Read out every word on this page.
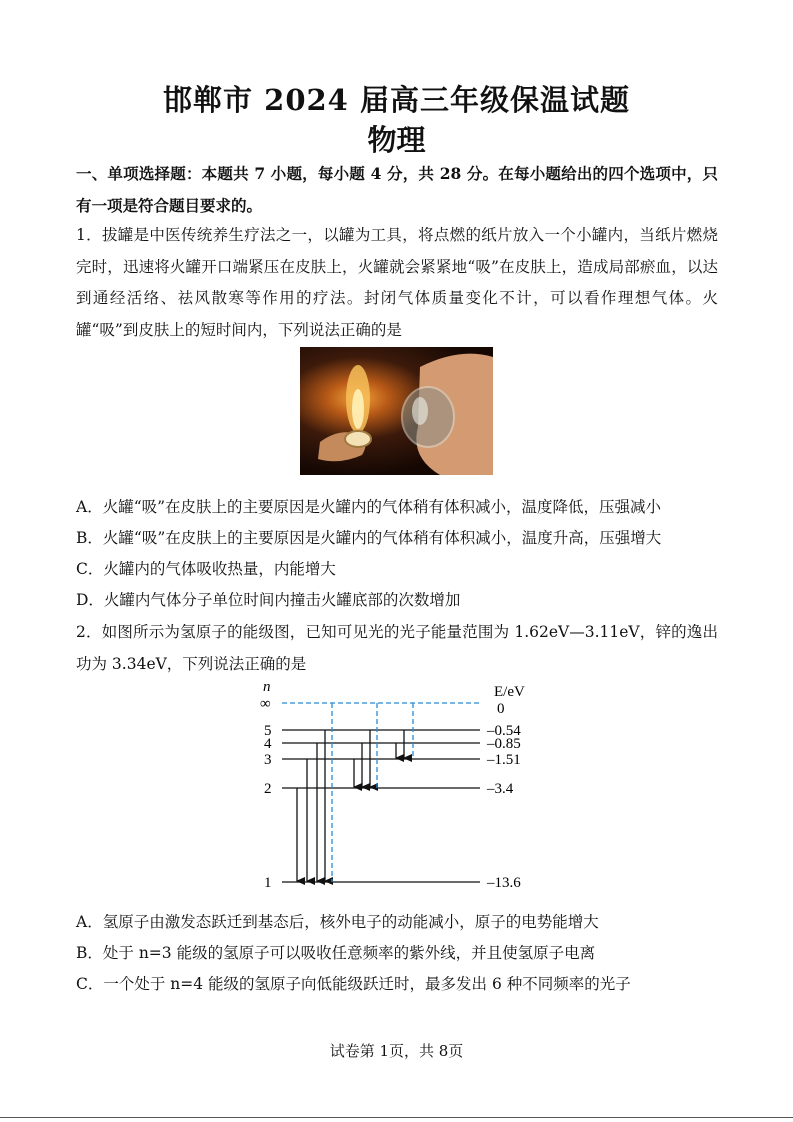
邯郸市 2024 届高三年级保温试题
物理
一、单项选择题：本题共 7 小题，每小题 4 分，共 28 分。在每小题给出的四个选项中，只有一项是符合题目要求的。
1．拔罐是中医传统养生疗法之一，以罐为工具，将点燃的纸片放入一个小罐内，当纸片燃烧完时，迅速将火罐开口端紧压在皮肤上，火罐就会紧紧地“吸”在皮肤上，造成局部瘀血，以达到通经活络、祛风散寒等作用的疗法。封闭气体质量变化不计，可以看作理想气体。火罐“吸”到皮肤上的短时间内，下列说法正确的是
A．火罐“吸”在皮肤上的主要原因是火罐内的气体稍有体积减小，温度降低，压强减小
B．火罐“吸”在皮肤上的主要原因是火罐内的气体稍有体积减小，温度升高，压强增大
C．火罐内的气体吸收热量，内能增大
D．火罐内气体分子单位时间内撞击火罐底部的次数增加
2．如图所示为氢原子的能级图，已知可见光的光子能量范围为 1.62eV—3.11eV，锌的逸出功为 3.34eV，下列说法正确的是
n	E/eV
∞
5
4
3
2
1
0
–0.54
–0.85
–1.51
–3.4
–13.6
A．氢原子由激发态跃迁到基态后，核外电子的动能减小，原子的电势能增大
B．处于 n=3 能级的氢原子可以吸收任意频率的紫外线，并且使氢原子电离
C．一个处于 n=4 能级的氢原子向低能级跃迁时，最多发出 6 种不同频率的光子
试卷第 1页，共 8页
